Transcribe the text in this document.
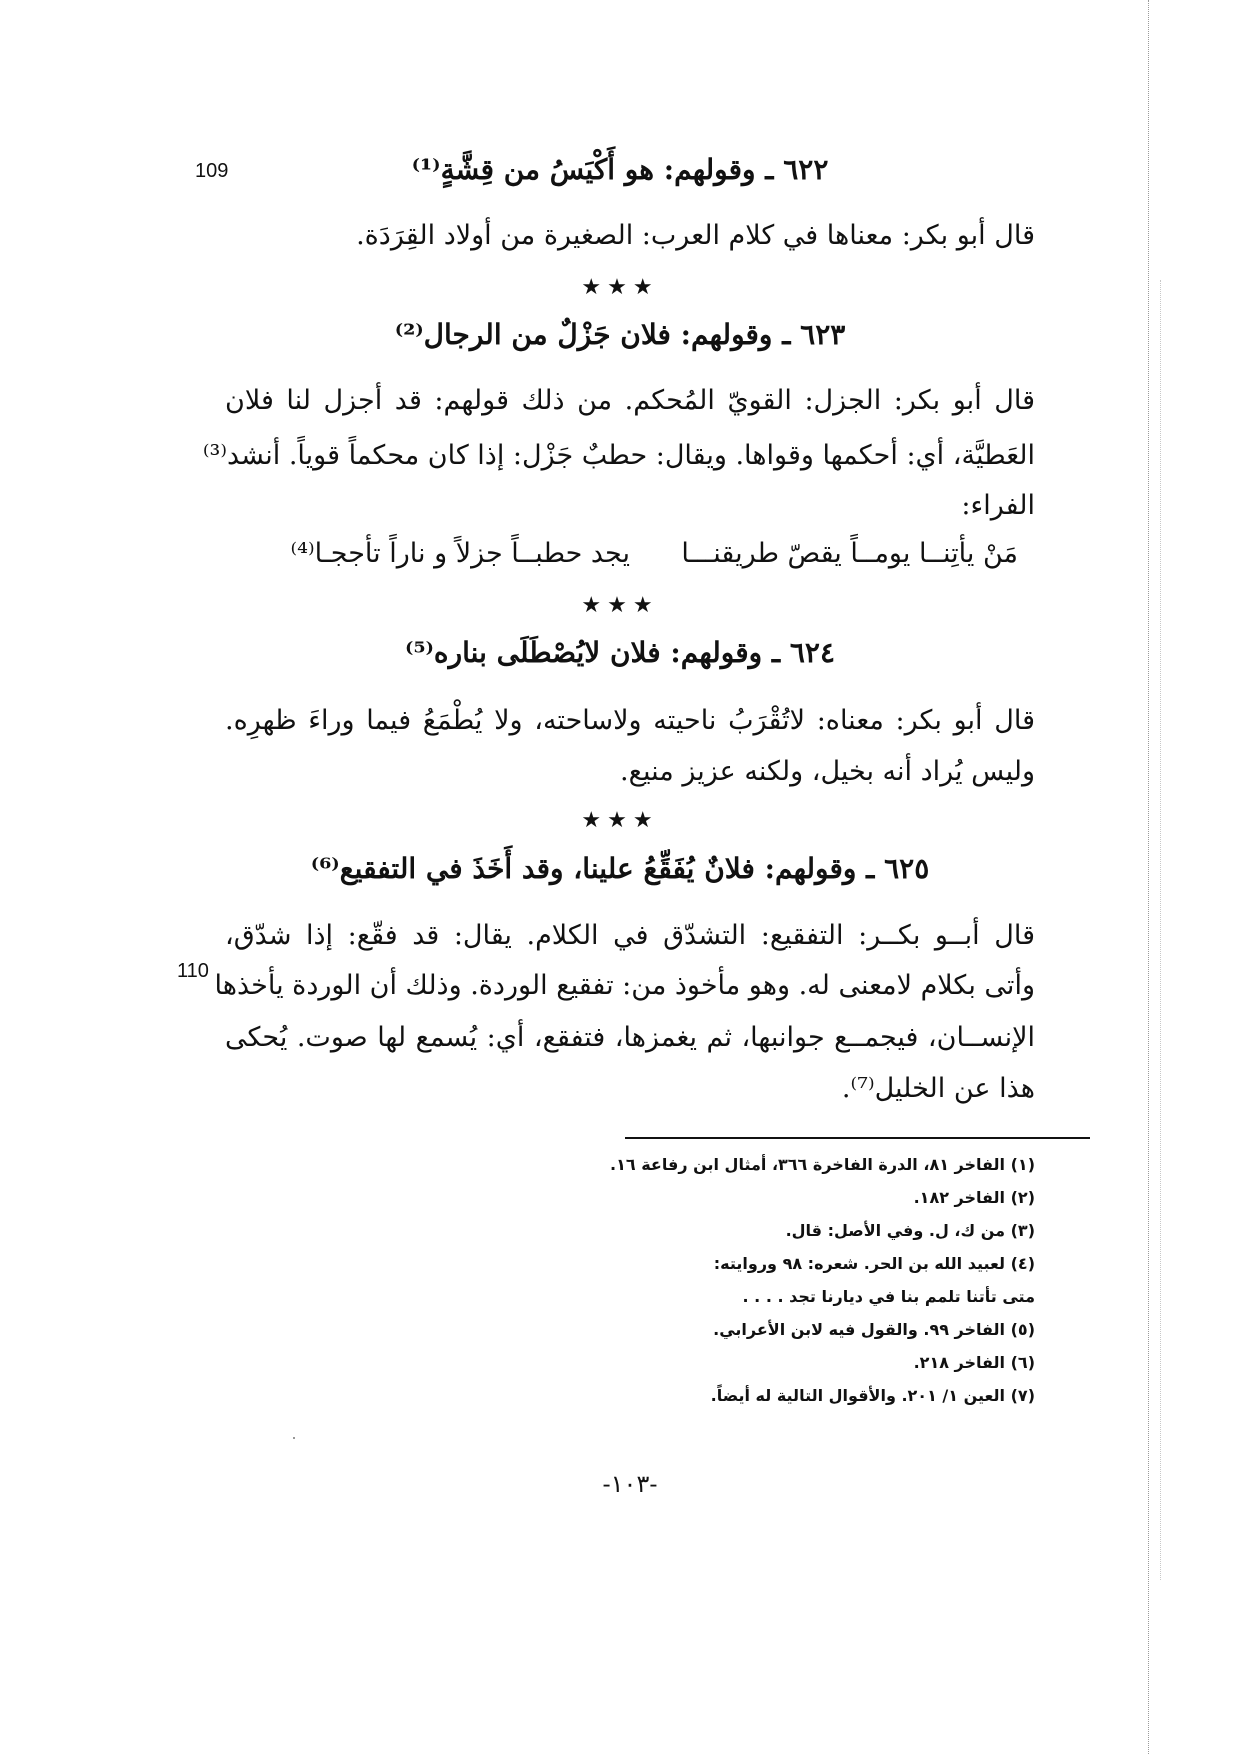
109
110
٦٢٢ ـ وقولهم: هو أَكْيَسُ من قِشَّةٍ⁽¹⁾
قال أبو بكر: معناها في كلام العرب: الصغيرة من أولاد القِرَدَة.
★★★
٦٢٣ ـ وقولهم: فلان جَزْلٌ من الرجال⁽²⁾
قال أبو بكر: الجزل: القويّ المُحكم. من ذلك قولهم: قد أجزل لنا فلان
العَطيَّة، أي: أحكمها وقواها. ويقال: حطبٌ جَزْل: إذا كان محكماً قوياً. أنشد⁽³⁾
الفراء:
مَنْ يأتِنــا يومــاً يقصّ طريقنـــا
يجد حطبــاً جزلاً و ناراً تأججـا⁽⁴⁾
★★★
٦٢٤ ـ وقولهم: فلان لايُصْطَلَى بناره⁽⁵⁾
قال أبو بكر: معناه: لاتُقْرَبُ ناحيته ولاساحته، ولا يُطْمَعُ فيما وراءَ ظهرِه.
وليس يُراد أنه بخيل، ولكنه عزيز منيع.
★★★
٦٢٥ ـ وقولهم: فلانٌ يُفَقِّعُ علينا، وقد أَخَذَ في التفقيع⁽⁶⁾
قال أبــو بكــر: التفقيع: التشدّق في الكلام. يقال: قد فقّع: إذا شدّق،
وأتى بكلام لامعنى له. وهو مأخوذ من: تفقيع الوردة. وذلك أن الوردة يأخذها
الإنســان، فيجمــع جوانبها، ثم يغمزها، فتفقع، أي: يُسمع لها صوت. يُحكى
هذا عن الخليل⁽⁷⁾.
(١) الفاخر ٨١، الدرة الفاخرة ٣٦٦، أمثال ابن رفاعة ١٦.
(٢) الفاخر ١٨٢.
(٣) من ك، ل. وفي الأصل: قال.
(٤) لعبيد الله بن الحر. شعره: ٩٨ وروايته:
متى تأتنا تلمم بنا في ديارنا تجد . . . .
(٥) الفاخر ٩٩. والقول فيه لابن الأعرابي.
(٦) الفاخر ٢١٨.
(٧) العين ١/ ٢٠١. والأقوال التالية له أيضاً.
-١٠٣-
